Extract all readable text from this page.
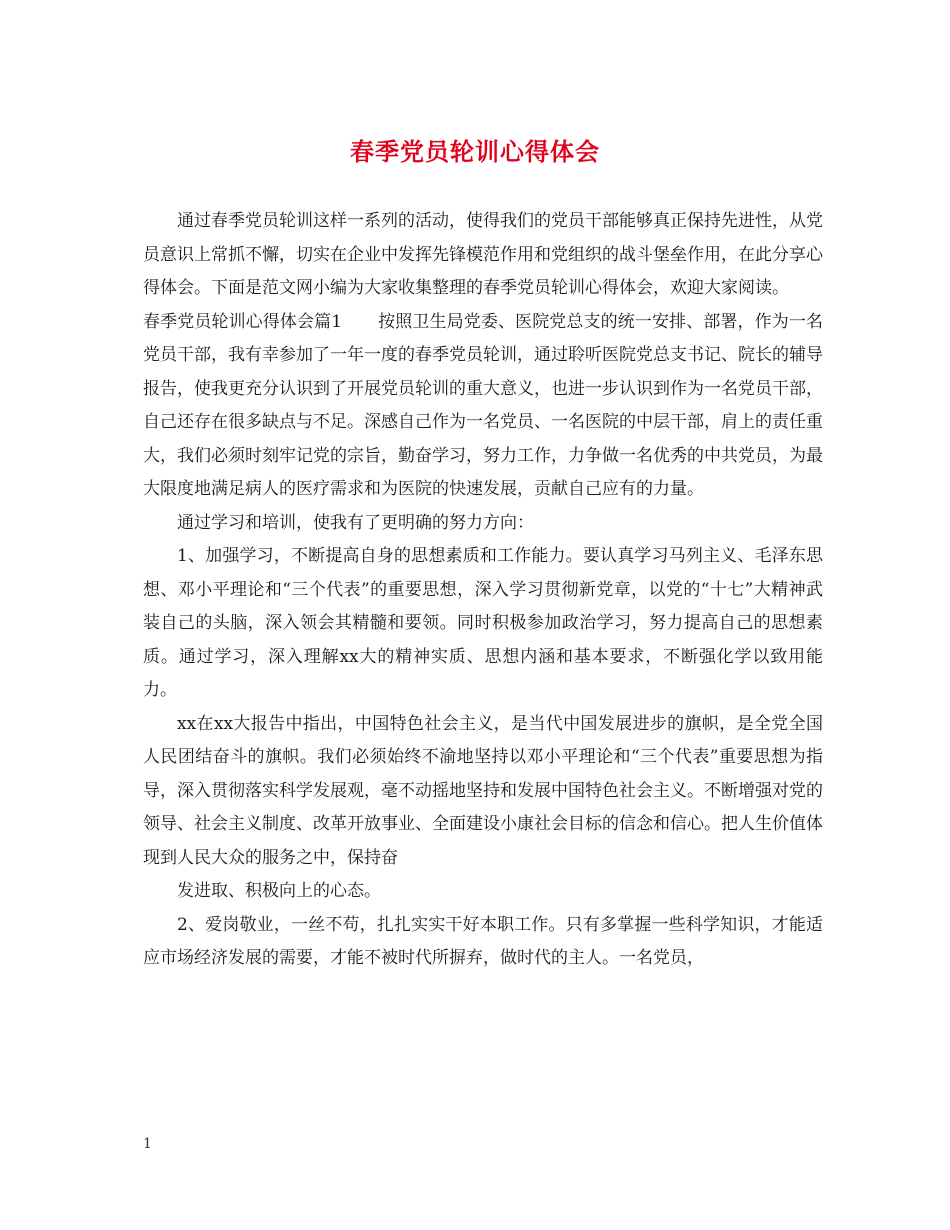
春季党员轮训心得体会

通过春季党员轮训这样一系列的活动，使得我们的党员干部能够真正保持先进性，从党员意识上常抓不懈，切实在企业中发挥先锋模范作用和党组织的战斗堡垒作用，在此分享心得体会。下面是范文网小编为大家收集整理的春季党员轮训心得体会，欢迎大家阅读。

春季党员轮训心得体会篇1 按照卫生局党委、医院党总支的统一安排、部署，作为一名党员干部，我有幸参加了一年一度的春季党员轮训，通过聆听医院党总支书记、院长的辅导报告，使我更充分认识到了开展党员轮训的重大意义，也进一步认识到作为一名党员干部，自己还存在很多缺点与不足。深感自己作为一名党员、一名医院的中层干部，肩上的责任重大，我们必须时刻牢记党的宗旨，勤奋学习，努力工作，力争做一名优秀的中共党员，为最大限度地满足病人的医疗需求和为医院的快速发展，贡献自己应有的力量。

通过学习和培训，使我有了更明确的努力方向：

1、加强学习，不断提高自身的思想素质和工作能力。要认真学习马列主义、毛泽东思想、邓小平理论和“三个代表”的重要思想，深入学习贯彻新党章，以党的“十七”大精神武装自己的头脑，深入领会其精髓和要领。同时积极参加政治学习，努力提高自己的思想素质。通过学习，深入理解xx大的精神实质、思想内涵和基本要求，不断强化学以致用能力。

xx在xx大报告中指出，中国特色社会主义，是当代中国发展进步的旗帜，是全党全国人民团结奋斗的旗帜。我们必须始终不渝地坚持以邓小平理论和“三个代表”重要思想为指导，深入贯彻落实科学发展观，毫不动摇地坚持和发展中国特色社会主义。不断增强对党的领导、社会主义制度、改革开放事业、全面建设小康社会目标的信念和信心。把人生价值体现到人民大众的服务之中，保持奋

发进取、积极向上的心态。

2、爱岗敬业，一丝不苟，扎扎实实干好本职工作。只有多掌握一些科学知识，才能适应市场经济发展的需要，才能不被时代所摒弃，做时代的主人。一名党员，

1
